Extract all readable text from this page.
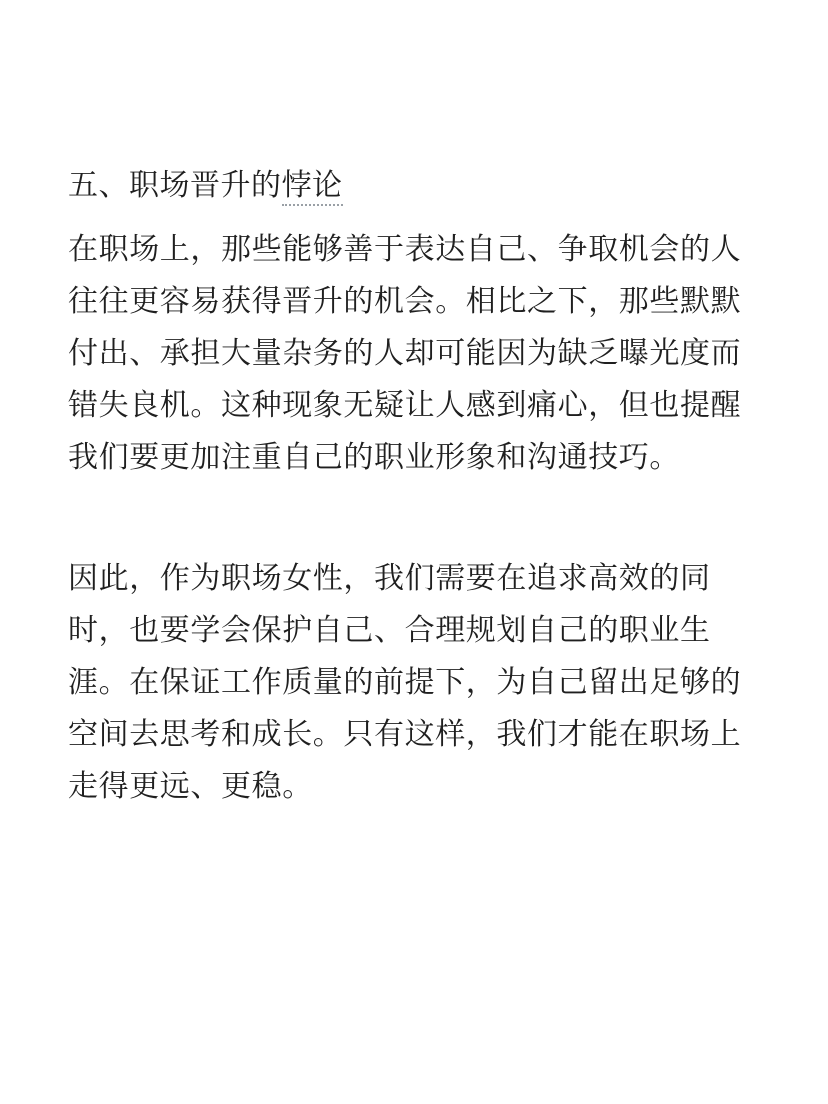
五、职场晋升的悖论
在职场上，那些能够善于表达自己、争取机会的人
往往更容易获得晋升的机会。相比之下，那些默默
付出、承担大量杂务的人却可能因为缺乏曝光度而
错失良机。这种现象无疑让人感到痛心，但也提醒
我们要更加注重自己的职业形象和沟通技巧。
因此，作为职场女性，我们需要在追求高效的同
时，也要学会保护自己、合理规划自己的职业生
涯。在保证工作质量的前提下，为自己留出足够的
空间去思考和成长。只有这样，我们才能在职场上
走得更远、更稳。
